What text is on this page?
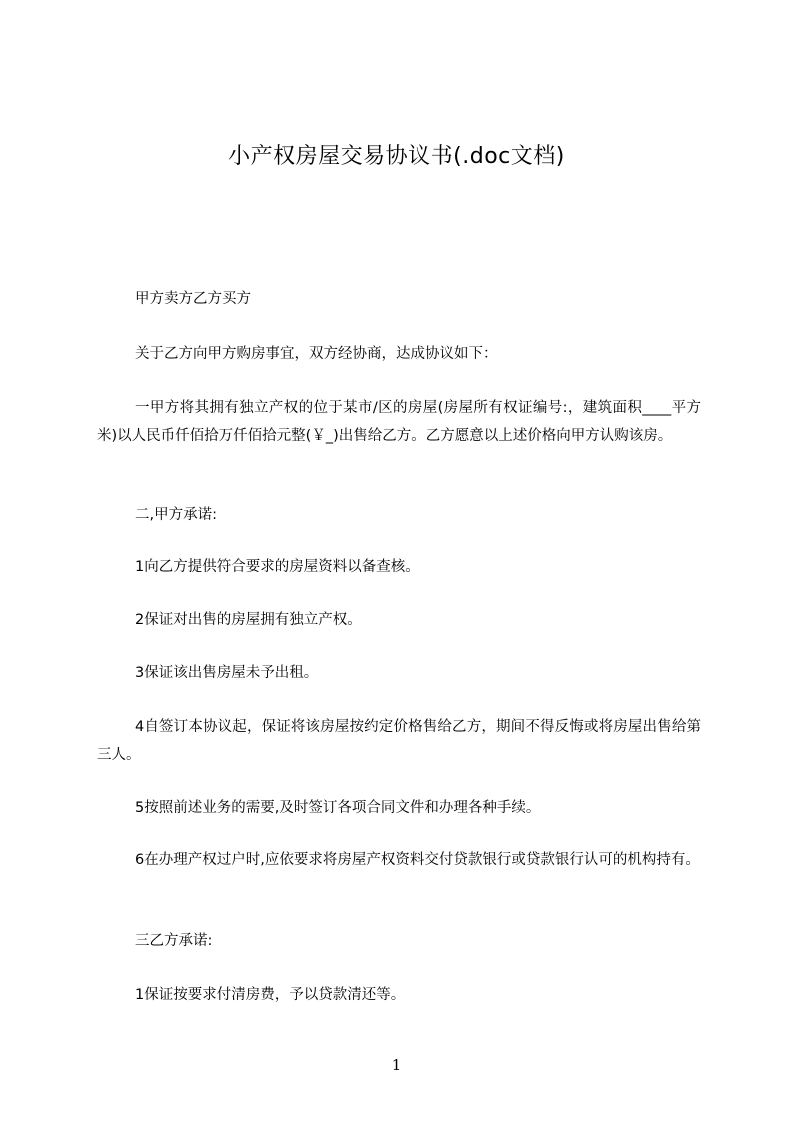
小产权房屋交易协议书(.doc文档)

甲方卖方乙方买方

关于乙方向甲方购房事宜，双方经协商，达成协议如下：

一甲方将其拥有独立产权的位于某市/区的房屋(房屋所有权证编号:，建筑面积____平方米)以人民币仟佰拾万仟佰拾元整(￥_)出售给乙方。乙方愿意以上述价格向甲方认购该房。

二,甲方承诺:

1向乙方提供符合要求的房屋资料以备查核。

2保证对出售的房屋拥有独立产权。

3保证该出售房屋未予出租。

4自签订本协议起，保证将该房屋按约定价格售给乙方，期间不得反悔或将房屋出售给第三人。

5按照前述业务的需要,及时签订各项合同文件和办理各种手续。

6在办理产权过户时,应依要求将房屋产权资料交付贷款银行或贷款银行认可的机构持有。

三乙方承诺:

1保证按要求付清房费，予以贷款清还等。

1
